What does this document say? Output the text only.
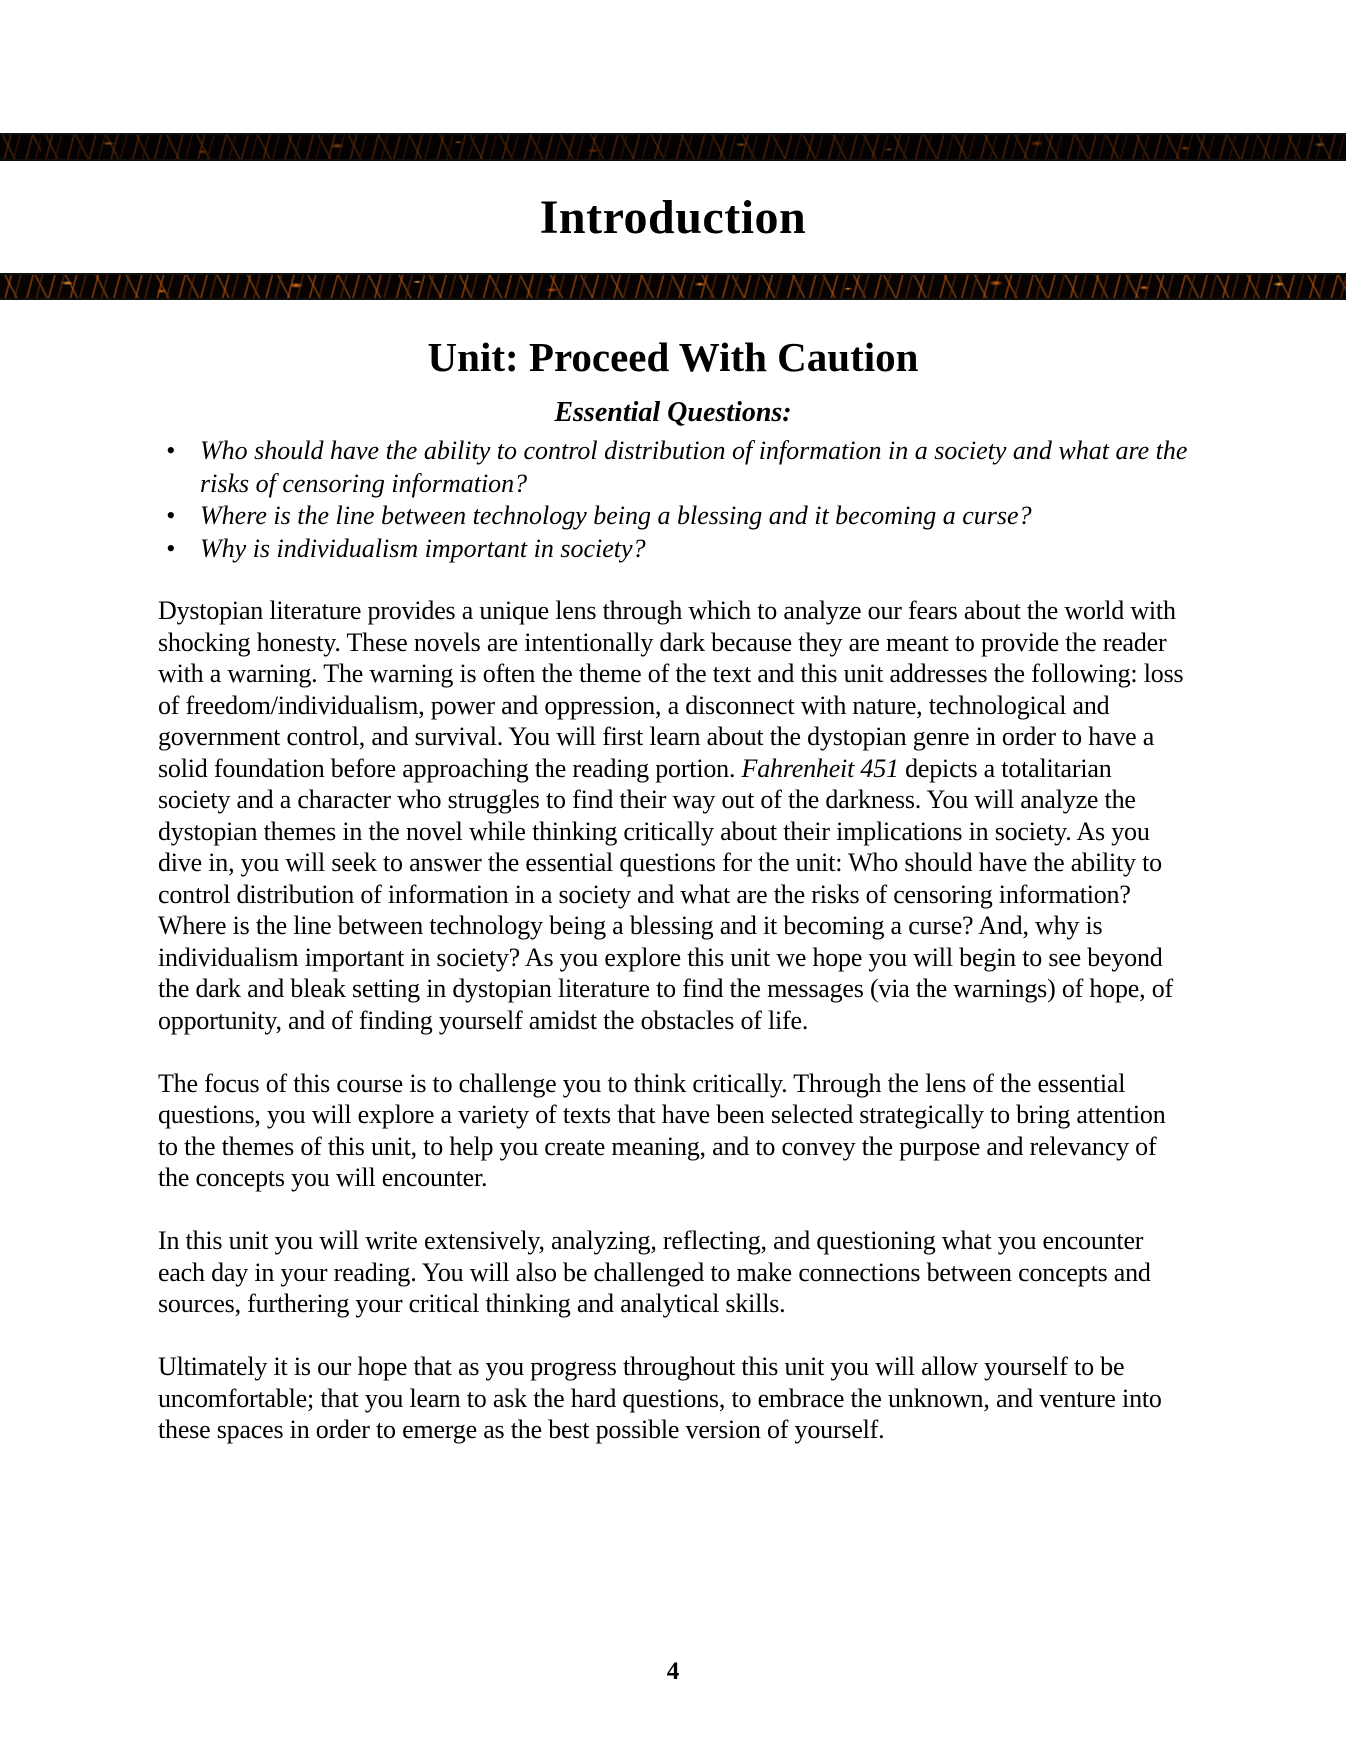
Introduction
Unit: Proceed With Caution
Essential Questions:
• Who should have the ability to control distribution of information in a society and what are the risks of censoring information?
• Where is the line between technology being a blessing and it becoming a curse?
• Why is individualism important in society?

Dystopian literature provides a unique lens through which to analyze our fears about the world with shocking honesty. These novels are intentionally dark because they are meant to provide the reader with a warning. The warning is often the theme of the text and this unit addresses the following: loss of freedom/individualism, power and oppression, a disconnect with nature, technological and government control, and survival. You will first learn about the dystopian genre in order to have a solid foundation before approaching the reading portion. Fahrenheit 451 depicts a totalitarian society and a character who struggles to find their way out of the darkness. You will analyze the dystopian themes in the novel while thinking critically about their implications in society. As you dive in, you will seek to answer the essential questions for the unit: Who should have the ability to control distribution of information in a society and what are the risks of censoring information? Where is the line between technology being a blessing and it becoming a curse? And, why is individualism important in society? As you explore this unit we hope you will begin to see beyond the dark and bleak setting in dystopian literature to find the messages (via the warnings) of hope, of opportunity, and of finding yourself amidst the obstacles of life.

The focus of this course is to challenge you to think critically. Through the lens of the essential questions, you will explore a variety of texts that have been selected strategically to bring attention to the themes of this unit, to help you create meaning, and to convey the purpose and relevancy of the concepts you will encounter.

In this unit you will write extensively, analyzing, reflecting, and questioning what you encounter each day in your reading. You will also be challenged to make connections between concepts and sources, furthering your critical thinking and analytical skills.

Ultimately it is our hope that as you progress throughout this unit you will allow yourself to be uncomfortable; that you learn to ask the hard questions, to embrace the unknown, and venture into these spaces in order to emerge as the best possible version of yourself.

4
